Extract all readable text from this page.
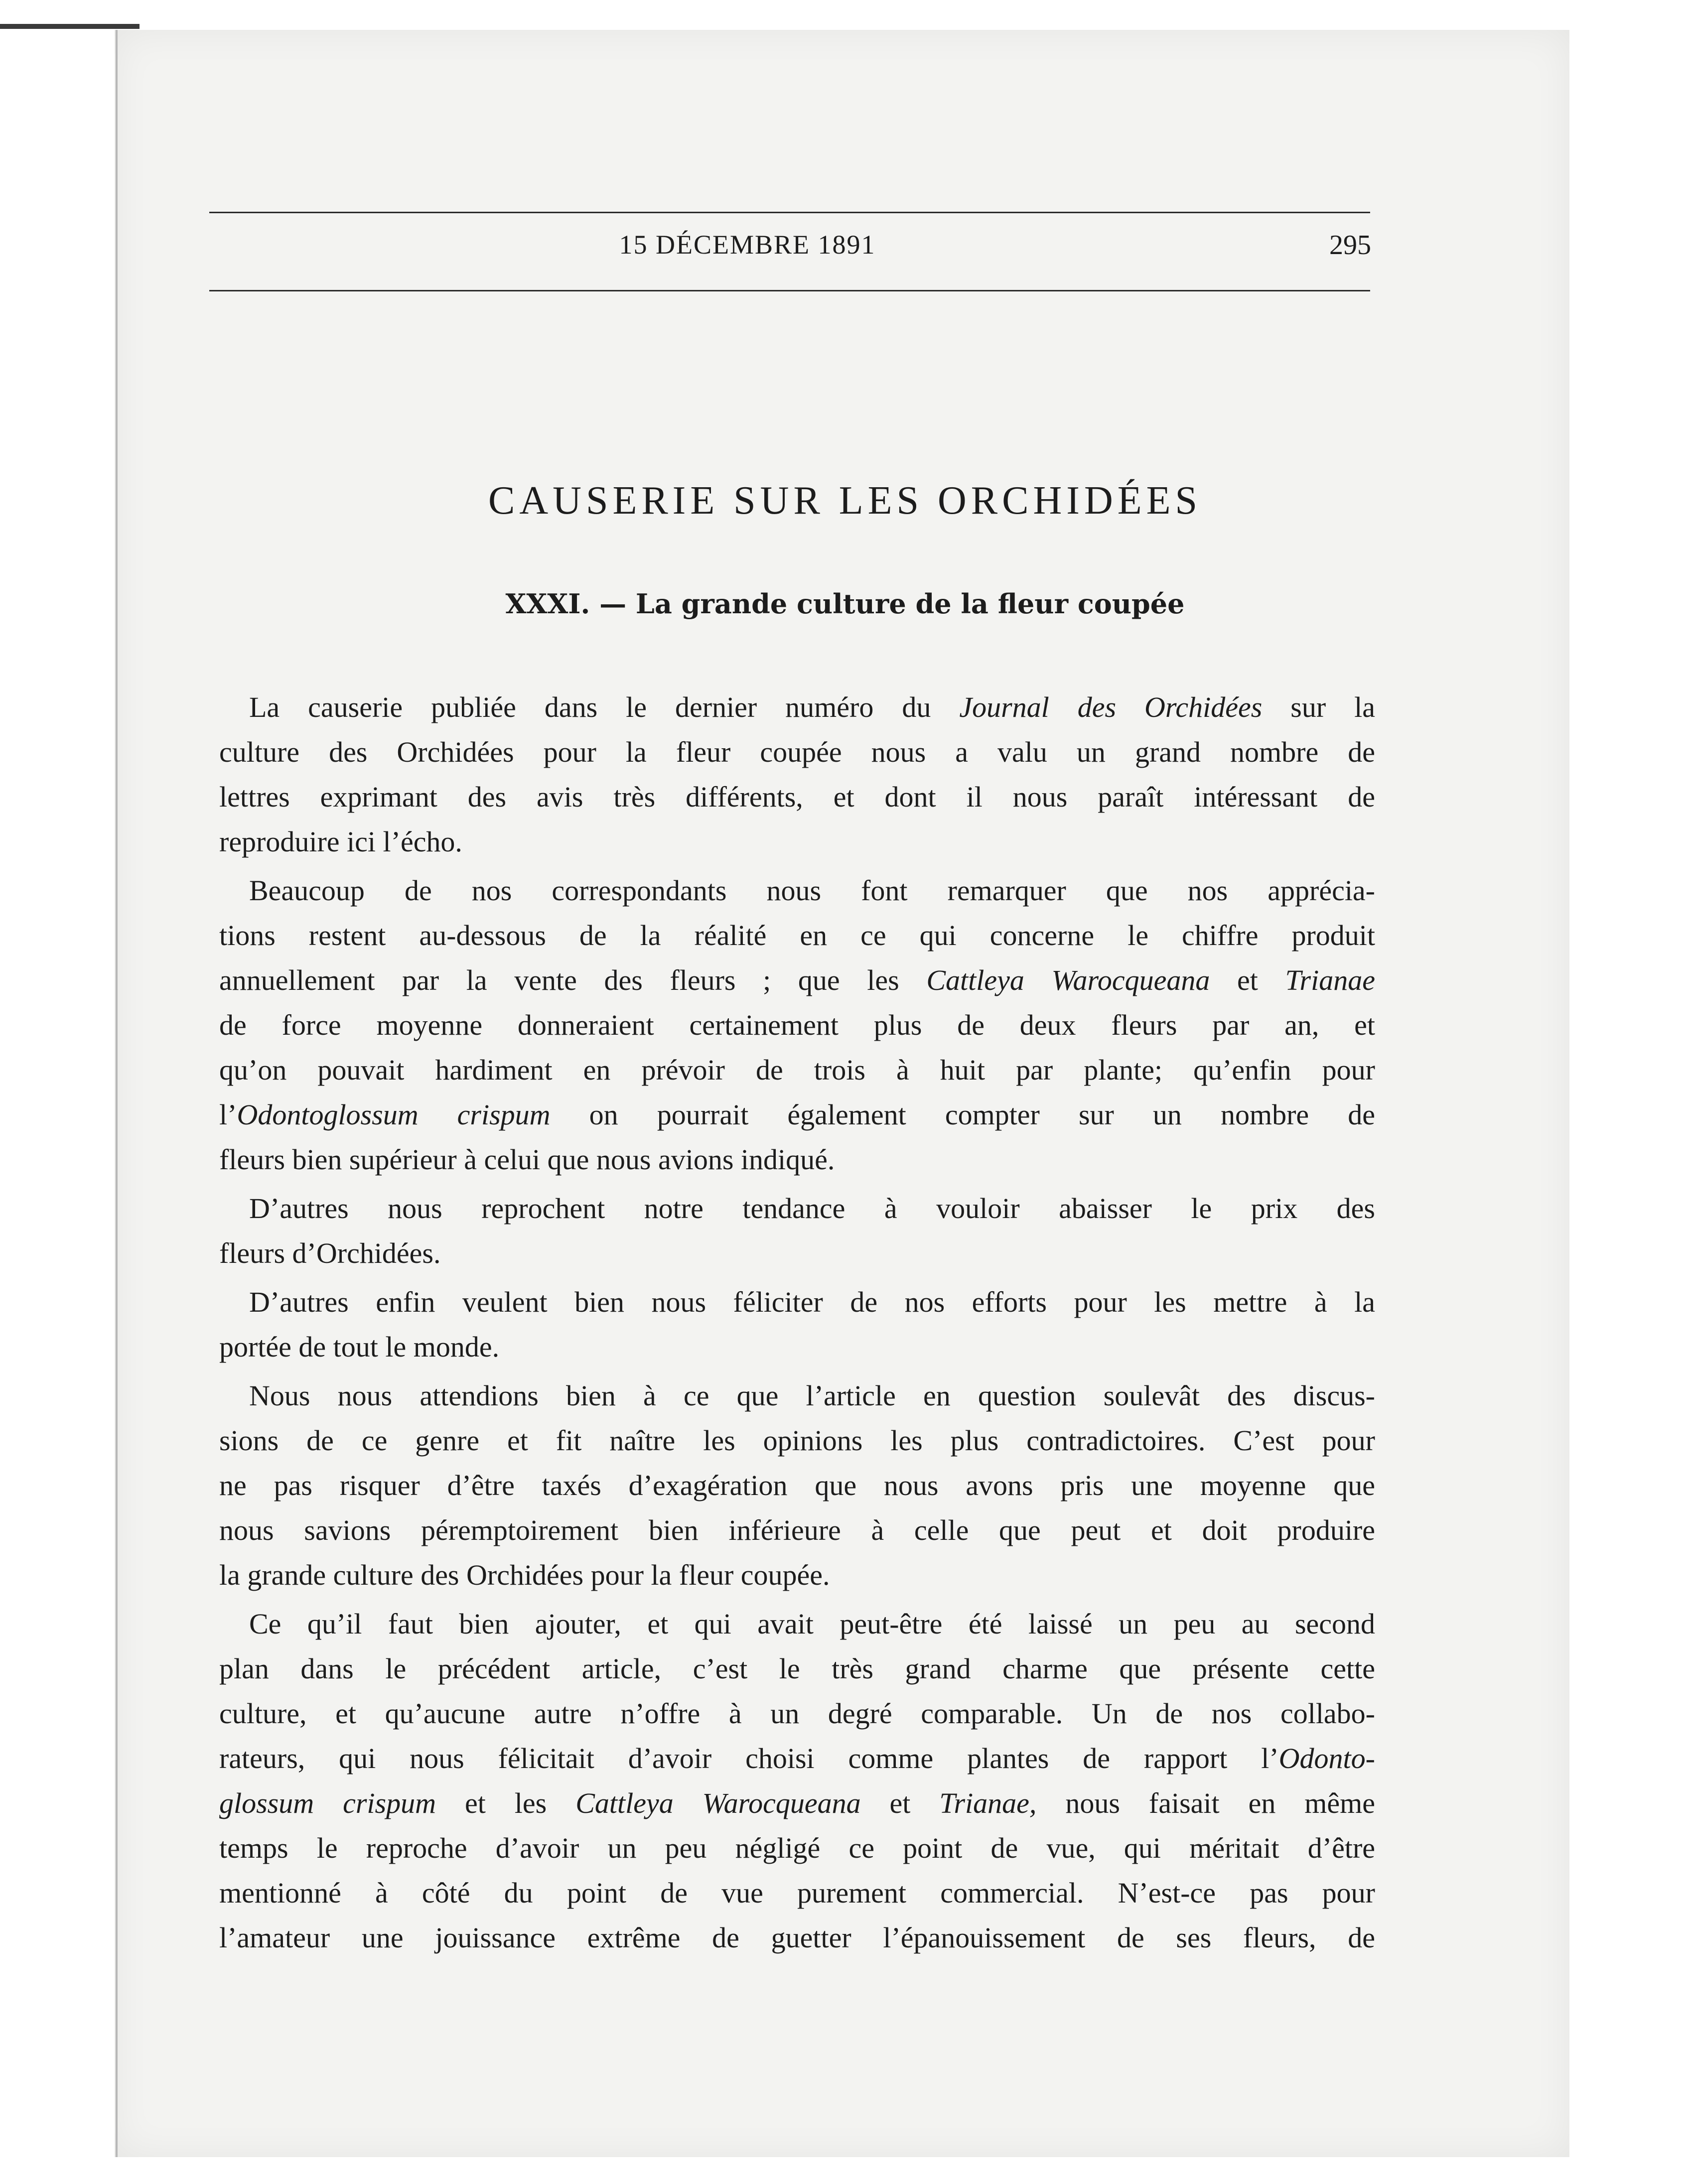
15 DÉCEMBRE 1891	295
CAUSERIE SUR LES ORCHIDÉES
XXXI. — La grande culture de la fleur coupée
La causerie publiée dans le dernier numéro du Journal des Orchidées sur la
culture des Orchidées pour la fleur coupée nous a valu un grand nombre de
lettres exprimant des avis très différents, et dont il nous paraît intéressant de
reproduire ici l’écho.
Beaucoup de nos correspondants nous font remarquer que nos apprécia-
tions restent au-dessous de la réalité en ce qui concerne le chiffre produit
annuellement par la vente des fleurs ; que les Cattleya Warocqueana et Trianae
de force moyenne donneraient certainement plus de deux fleurs par an, et
qu’on pouvait hardiment en prévoir de trois à huit par plante; qu’enfin pour
l’Odontoglossum crispum on pourrait également compter sur un nombre de
fleurs bien supérieur à celui que nous avions indiqué.
D’autres nous reprochent notre tendance à vouloir abaisser le prix des
fleurs d’Orchidées.
D’autres enfin veulent bien nous féliciter de nos efforts pour les mettre à la
portée de tout le monde.
Nous nous attendions bien à ce que l’article en question soulevât des discus-
sions de ce genre et fit naître les opinions les plus contradictoires. C’est pour
ne pas risquer d’être taxés d’exagération que nous avons pris une moyenne que
nous savions péremptoirement bien inférieure à celle que peut et doit produire
la grande culture des Orchidées pour la fleur coupée.
Ce qu’il faut bien ajouter, et qui avait peut-être été laissé un peu au second
plan dans le précédent article, c’est le très grand charme que présente cette
culture, et qu’aucune autre n’offre à un degré comparable. Un de nos collabo-
rateurs, qui nous félicitait d’avoir choisi comme plantes de rapport l’Odonto-
glossum crispum et les Cattleya Warocqueana et Trianae, nous faisait en même
temps le reproche d’avoir un peu négligé ce point de vue, qui méritait d’être
mentionné à côté du point de vue purement commercial. N’est-ce pas pour
l’amateur une jouissance extrême de guetter l’épanouissement de ses fleurs, de
